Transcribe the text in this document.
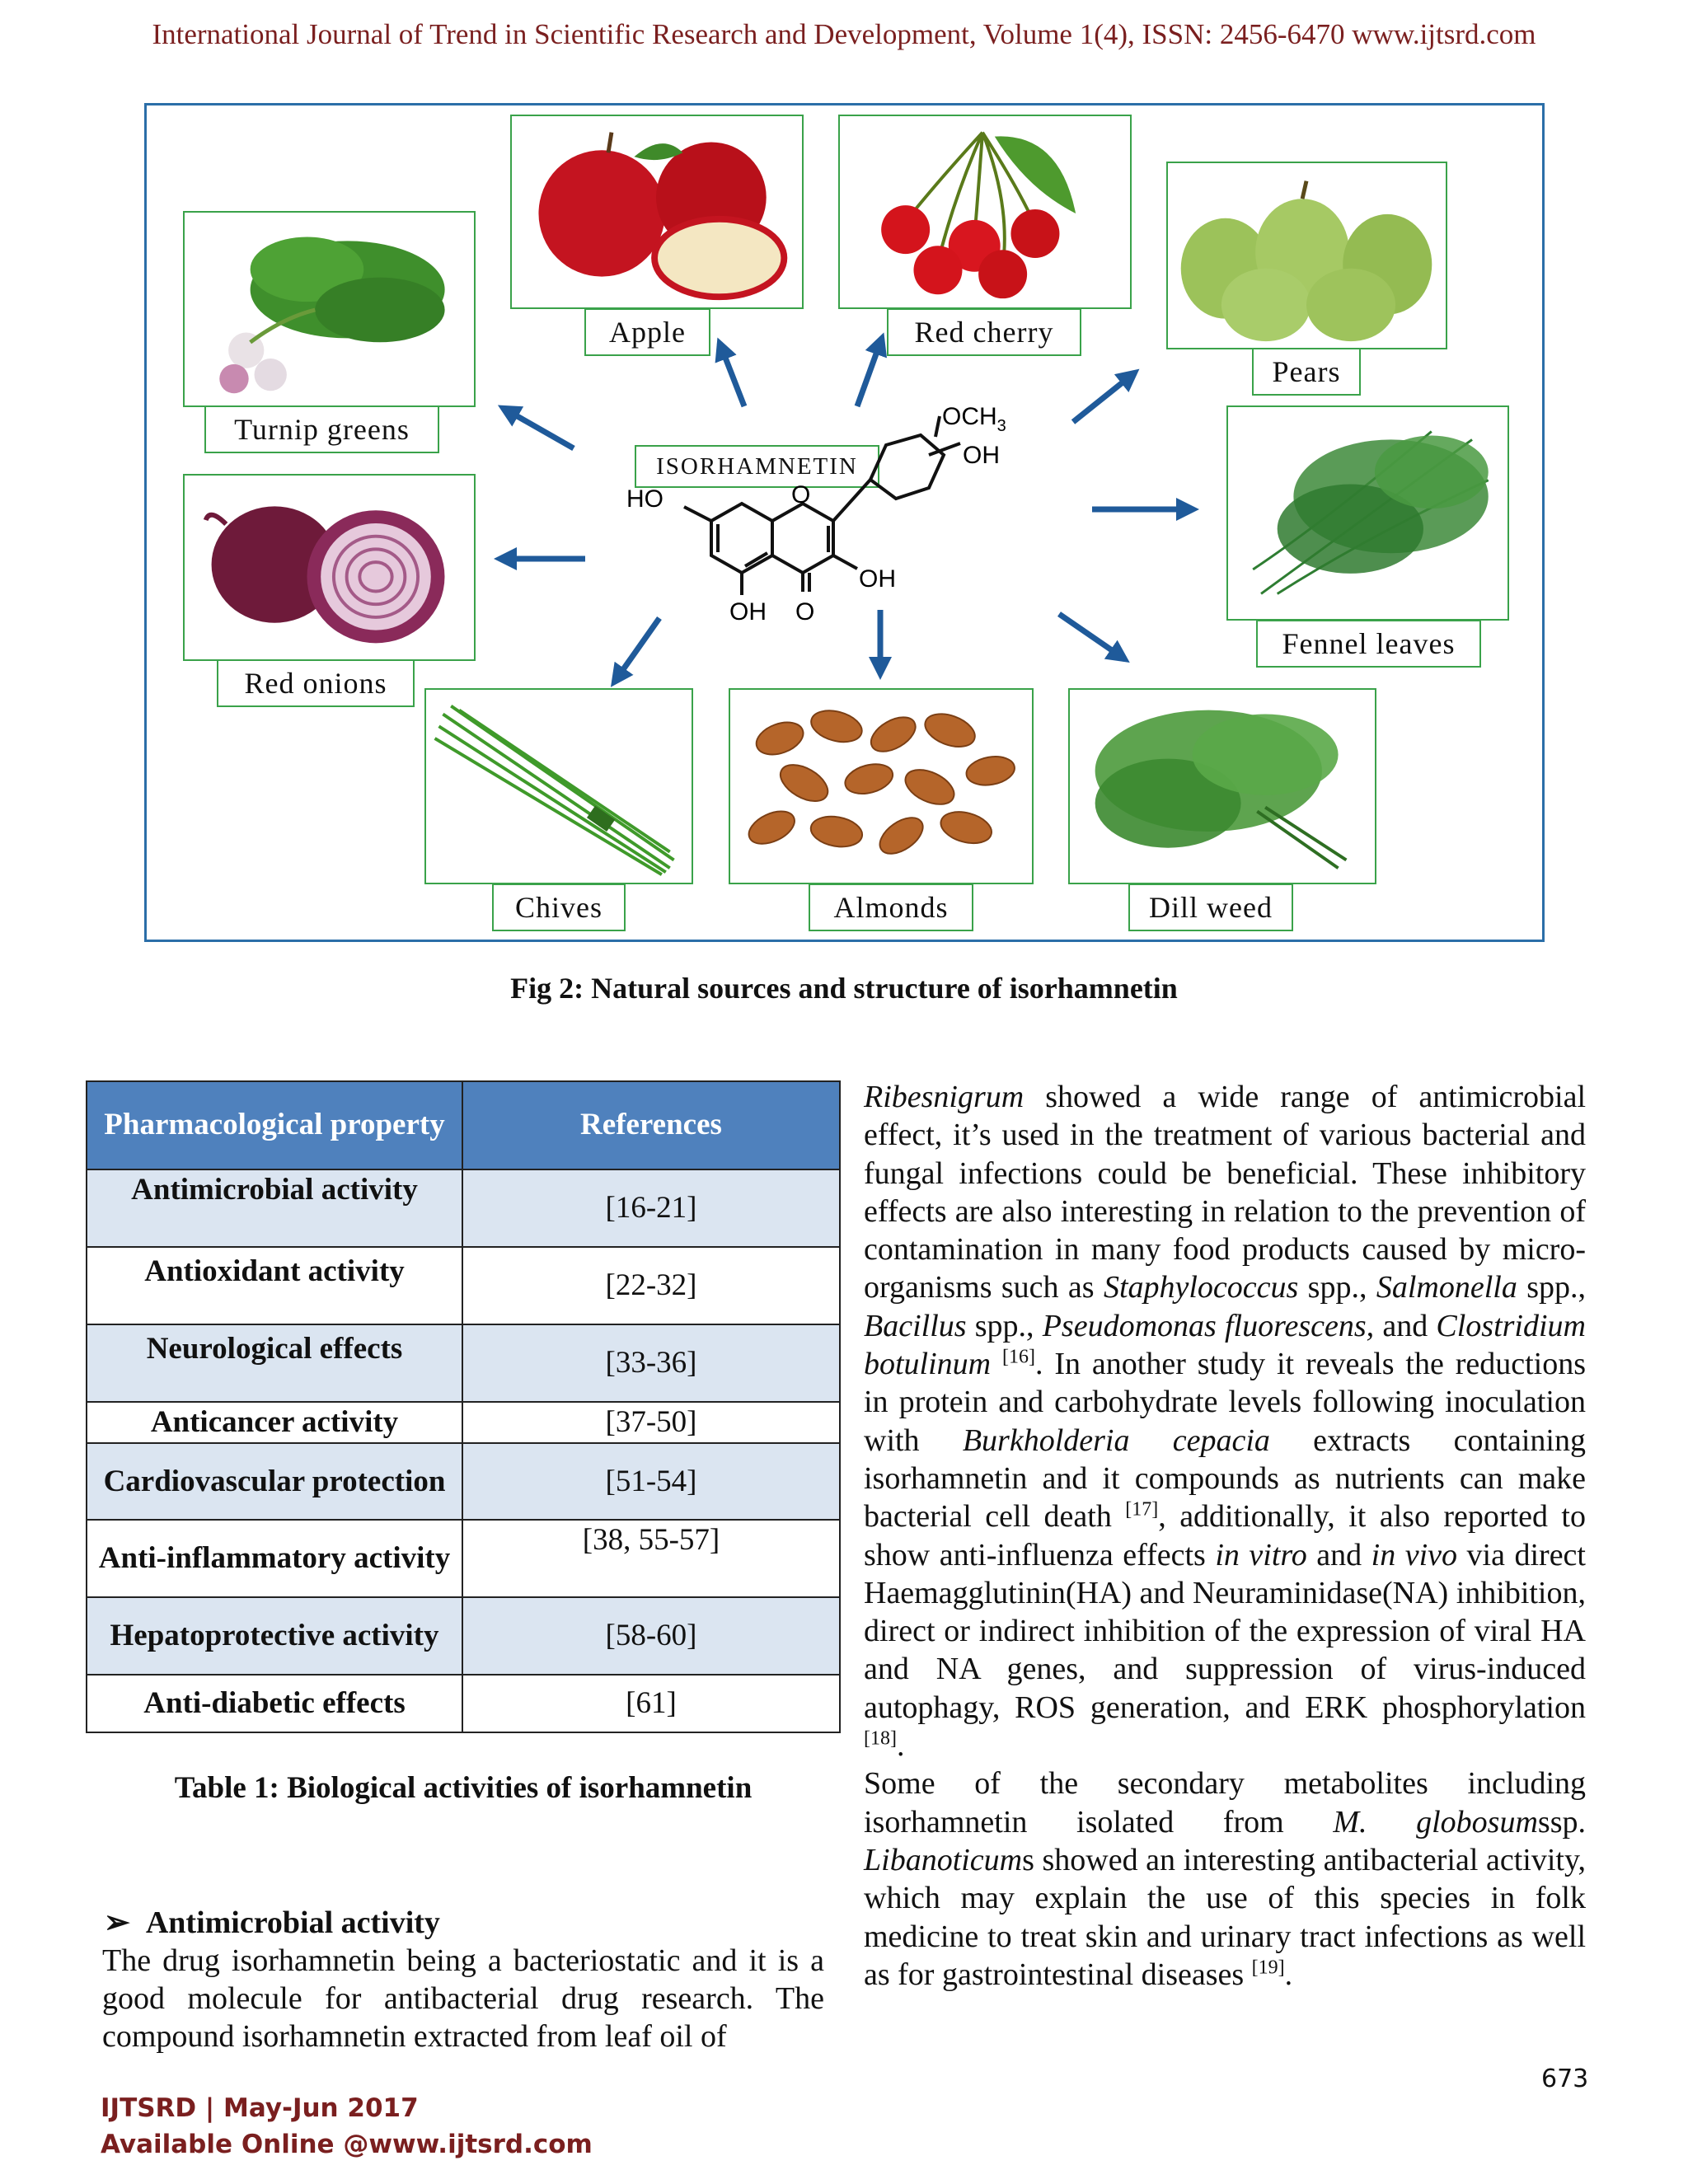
International Journal of Trend in Scientific Research and Development, Volume 1(4), ISSN: 2456-6470 www.ijtsrd.com
Apple	Red cherry
Pears
Turnip greens
Fennel leaves
Red onions
Chives	Almonds	Dill weed
ISORHAMNETIN
HO	O
OH O
OH
$OCH_3$
OH
Fig 2: Natural sources and structure of isorhamnetin
Pharmacological property	References
Antimicrobial activity	[16-21]
Antioxidant activity	[22-32]
Neurological effects	[33-36]
Anticancer activity	[37-50]
Cardiovascular protection	[51-54]
Anti-inflammatory activity	[38, 55-57]
Hepatoprotective activity	[58-60]
Anti-diabetic effects	[61]
Table 1: Biological activities of isorhamnetin
➢ Antimicrobial activity
The drug isorhamnetin being a bacteriostatic and it is a good molecule for antibacterial drug research. The compound isorhamnetin extracted from leaf oil of

Ribesnigrum showed a wide range of antimicrobial effect, it’s used in the treatment of various bacterial and fungal infections could be beneficial. These inhibitory effects are also interesting in relation to the prevention of contamination in many food products caused by micro-organisms such as Staphylococcus spp., Salmonella spp., Bacillus spp., Pseudomonas fluorescens, and Clostridium botulinum [16]. In another study it reveals the reductions in protein and carbohydrate levels following inoculation with Burkholderia cepacia extracts containing isorhamnetin and it compounds as nutrients can make bacterial cell death [17], additionally, it also reported to show anti-influenza effects in vitro and in vivo via direct Haemagglutinin(HA) and Neuraminidase(NA) inhibition, direct or indirect inhibition of the expression of viral HA and NA genes, and suppression of virus-induced autophagy, ROS generation, and ERK phosphorylation [18].

Some of the secondary metabolites including isorhamnetin isolated from M. globosumssp. Libanoticums showed an interesting antibacterial activity, which may explain the use of this species in folk medicine to treat skin and urinary tract infections as well as for gastrointestinal diseases [19].

673
IJTSRD | May-Jun 2017
Available Online @www.ijtsrd.com
